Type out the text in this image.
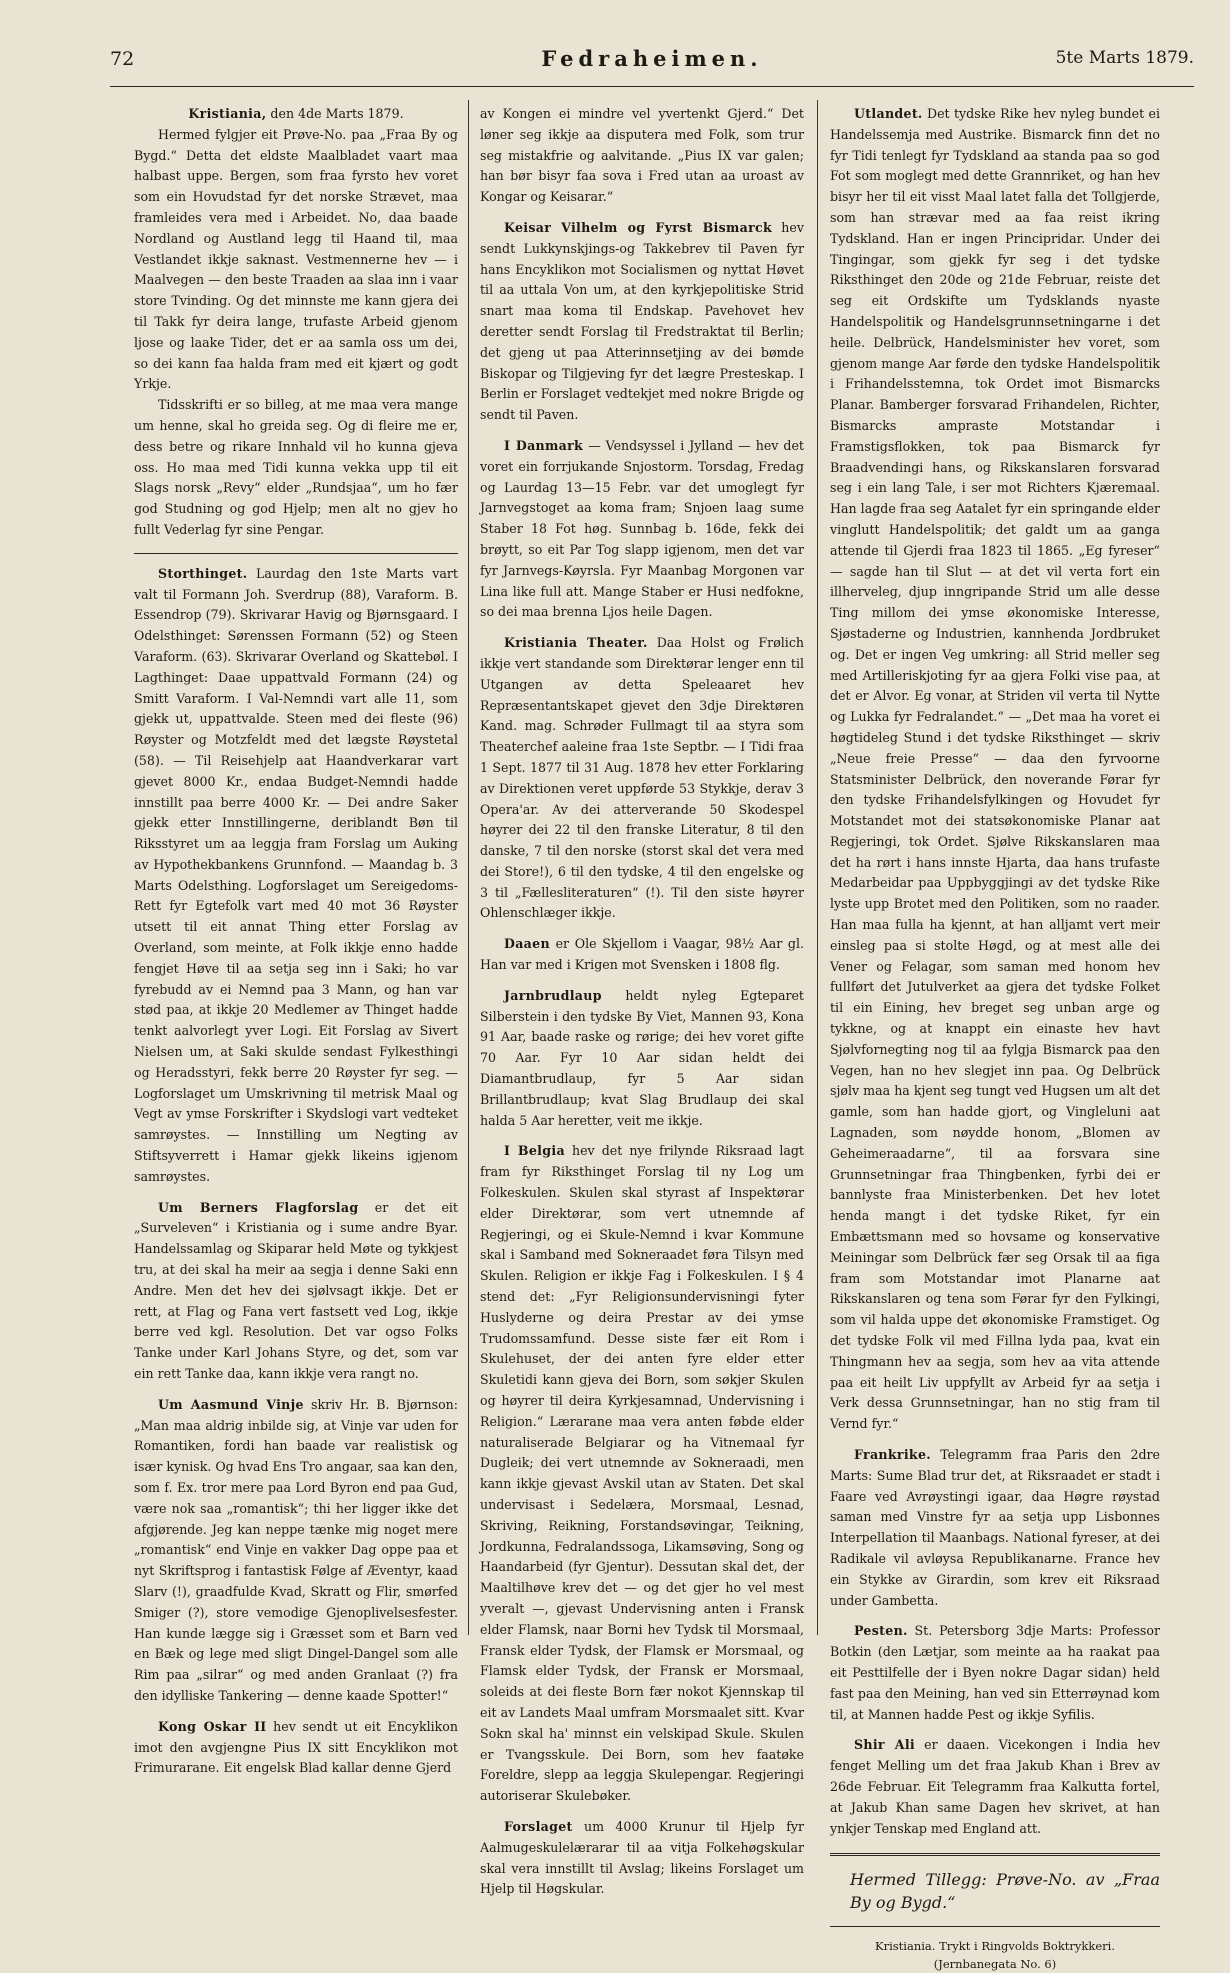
72	Fedraheimen.	5te Marts 1879.

Kristiania, den 4de Marts 1879.

Hermed fylgjer eit Prøve-No. paa „Fraa By og Bygd.“ Detta det eldste Maalbladet vaart maa halbast uppe. Bergen, som fraa fyrsto hev voret som ein Hovudstad fyr det norske Strævet, maa framleides vera med i Arbeidet. No, daa baade Nordland og Austland legg til Haand til, maa Vestlandet ikkje saknast. Vestmennerne hev — i Maalvegen — den beste Traaden aa slaa inn i vaar store Tvinding. Og det minnste me kann gjera dei til Takk fyr deira lange, trufaste Arbeid gjenom ljose og laake Tider, det er aa samla oss um dei, so dei kann faa halda fram med eit kjært og godt Yrkje.

Tidsskrifti er so billeg, at me maa vera mange um henne, skal ho greida seg. Og di fleire me er, dess betre og rikare Innhald vil ho kunna gjeva oss. Ho maa med Tidi kunna vekka upp til eit Slags norsk „Revy“ elder „Rundsjaa“, um ho fær god Studning og god Hjelp; men alt no gjev ho fullt Vederlag fyr sine Pengar.

Storthinget. Laurdag den 1ste Marts vart valt til Formann Joh. Sverdrup (88), Varaform. B. Essendrop (79). Skrivarar Havig og Bjørnsgaard. I Odelsthinget: Sørenssen Formann (52) og Steen Varaform. (63). Skrivarar Overland og Skattebøl. I Lagthinget: Daae uppattvald Formann (24) og Smitt Varaform. I Val-Nemndi vart alle 11, som gjekk ut, uppattvalde. Steen med dei fleste (96) Røyster og Motzfeldt med det lægste Røystetal (58). — Til Reisehjelp aat Haandverkarar vart gjevet 8000 Kr., endaa Budget-Nemndi hadde innstillt paa berre 4000 Kr. — Dei andre Saker gjekk etter Innstillingerne, deriblandt Bøn til Riksstyret um aa leggja fram Forslag um Auking av Hypothekbankens Grunnfond. — Maandag b. 3 Marts Odelsthing. Logforslaget um Sereigedoms-Rett fyr Egtefolk vart med 40 mot 36 Røyster utsett til eit annat Thing etter Forslag av Overland, som meinte, at Folk ikkje enno hadde fengjet Høve til aa setja seg inn i Saki; ho var fyrebudd av ei Nemnd paa 3 Mann, og han var stød paa, at ikkje 20 Medlemer av Thinget hadde tenkt aalvorlegt yver Logi. Eit Forslag av Sivert Nielsen um, at Saki skulde sendast Fylkesthingi og Heradsstyri, fekk berre 20 Røyster fyr seg. — Logforslaget um Umskrivning til metrisk Maal og Vegt av ymse Forskrifter i Skydslogi vart vedteket samrøystes. — Innstilling um Negting av Stiftsyverrett i Hamar gjekk likeins igjenom samrøystes.

Um Berners Flagforslag er det eit „Surveleven“ i Kristiania og i sume andre Byar. Handelssamlag og Skiparar held Møte og tykkjest tru, at dei skal ha meir aa segja i denne Saki enn Andre. Men det hev dei sjølvsagt ikkje. Det er rett, at Flag og Fana vert fastsett ved Log, ikkje berre ved kgl. Resolution. Det var ogso Folks Tanke under Karl Johans Styre, og det, som var ein rett Tanke daa, kann ikkje vera rangt no.

Um Aasmund Vinje skriv Hr. B. Bjørnson: „Man maa aldrig inbilde sig, at Vinje var uden for Romantiken, fordi han baade var realistisk og især kynisk. Og hvad Ens Tro angaar, saa kan den, som f. Ex. tror mere paa Lord Byron end paa Gud, være nok saa „romantisk“; thi her ligger ikke det afgjørende. Jeg kan neppe tænke mig noget mere „romantisk“ end Vinje en vakker Dag oppe paa et nyt Skriftsprog i fantastisk Følge af Æventyr, kaad Slarv (!), graadfulde Kvad, Skratt og Flir, smørfed Smiger (?), store vemodige Gjenoplivelsesfester. Han kunde lægge sig i Græsset som et Barn ved en Bæk og lege med sligt Dingel-Dangel som alle Rim paa „silrar“ og med anden Granlaat (?) fra den idylliske Tankering — denne kaade Spotter!“

Kong Oskar II hev sendt ut eit Encyklikon imot den avgjengne Pius IX sitt Encyklikon mot Frimurarane. Eit engelsk Blad kallar denne Gjerd

av Kongen ei mindre vel yvertenkt Gjerd.“ Det løner seg ikkje aa disputera med Folk, som trur seg mistakfrie og aalvitande. „Pius IX var galen; han bør bisyr faa sova i Fred utan aa uroast av Kongar og Keisarar.“

Keisar Vilhelm og Fyrst Bismarck hev sendt Lukkynskjings-og Takkebrev til Paven fyr hans Encyklikon mot Socialismen og nyttat Høvet til aa uttala Von um, at den kyrkjepolitiske Strid snart maa koma til Endskap. Pavehovet hev deretter sendt Forslag til Fredstraktat til Berlin; det gjeng ut paa Atterinnsetjing av dei bømde Biskopar og Tilgjeving fyr det lægre Presteskap. I Berlin er Forslaget vedtekjet med nokre Brigde og sendt til Paven.

I Danmark — Vendsyssel i Jylland — hev det voret ein forrjukande Snjostorm. Torsdag, Fredag og Laurdag 13—15 Febr. var det umoglegt fyr Jarnvegstoget aa koma fram; Snjoen laag sume Staber 18 Fot høg. Sunnbag b. 16de, fekk dei brøytt, so eit Par Tog slapp igjenom, men det var fyr Jarnvegs-Køyrsla. Fyr Maanbag Morgonen var Lina like full att. Mange Staber er Husi nedfokne, so dei maa brenna Ljos heile Dagen.

Kristiania Theater. Daa Holst og Frølich ikkje vert standande som Direktørar lenger enn til Utgangen av detta Speleaaret hev Repræsentantskapet gjevet den 3dje Direktøren Kand. mag. Schrøder Fullmagt til aa styra som Theaterchef aaleine fraa 1ste Septbr. — I Tidi fraa 1 Sept. 1877 til 31 Aug. 1878 hev etter Forklaring av Direktionen veret uppførde 53 Stykkje, derav 3 Opera'ar. Av dei atterverande 50 Skodespel høyrer dei 22 til den franske Literatur, 8 til den danske, 7 til den norske (storst skal det vera med dei Store!), 6 til den tydske, 4 til den engelske og 3 til „Fællesliteraturen“ (!). Til den siste høyrer Ohlenschlæger ikkje.

Daaen er Ole Skjellom i Vaagar, 98½ Aar gl. Han var med i Krigen mot Svensken i 1808 flg.

Jarnbrudlaup heldt nyleg Egteparet Silberstein i den tydske By Viet, Mannen 93, Kona 91 Aar, baade raske og rørige; dei hev voret gifte 70 Aar. Fyr 10 Aar sidan heldt dei Diamantbrudlaup, fyr 5 Aar sidan Brillantbrudlaup; kvat Slag Brudlaup dei skal halda 5 Aar heretter, veit me ikkje.

I Belgia hev det nye frilynde Riksraad lagt fram fyr Riksthinget Forslag til ny Log um Folkeskulen. Skulen skal styrast af Inspektørar elder Direktørar, som vert utnemnde af Regjeringi, og ei Skule-Nemnd i kvar Kommune skal i Samband med Sokneraadet føra Tilsyn med Skulen. Religion er ikkje Fag i Folkeskulen. I § 4 stend det: „Fyr Religionsundervisningi fyter Huslyderne og deira Prestar av dei ymse Trudomssamfund. Desse siste fær eit Rom i Skulehuset, der dei anten fyre elder etter Skuletidi kann gjeva dei Born, som søkjer Skulen og høyrer til deira Kyrkjesamnad, Undervisning i Religion.“ Lærarane maa vera anten føbde elder naturaliserade Belgiarar og ha Vitnemaal fyr Dugleik; dei vert utnemnde av Sokneraadi, men kann ikkje gjevast Avskil utan av Staten. Det skal undervisast i Sedelæra, Morsmaal, Lesnad, Skriving, Reikning, Forstandsøvingar, Teikning, Jordkunna, Fedralandssoga, Likamsøving, Song og Haandarbeid (fyr Gjentur). Dessutan skal det, der Maaltilhøve krev det — og det gjer ho vel mest yveralt —, gjevast Undervisning anten i Fransk elder Flamsk, naar Borni hev Tydsk til Morsmaal, Fransk elder Tydsk, der Flamsk er Morsmaal, og Flamsk elder Tydsk, der Fransk er Morsmaal, soleids at dei fleste Born fær nokot Kjennskap til eit av Landets Maal umfram Morsmaalet sitt. Kvar Sokn skal ha' minnst ein velskipad Skule. Skulen er Tvangsskule. Dei Born, som hev faatøke Foreldre, slepp aa leggja Skulepengar. Regjeringi autoriserar Skulebøker.

Forslaget um 4000 Krunur til Hjelp fyr Aalmugeskulelærarar til aa vitja Folkehøgskular skal vera innstillt til Avslag; likeins Forslaget um Hjelp til Høgskular.

Utlandet. Det tydske Rike hev nyleg bundet ei Handelssemja med Austrike. Bismarck finn det no fyr Tidi tenlegt fyr Tydskland aa standa paa so god Fot som moglegt med dette Grannriket, og han hev bisyr her til eit visst Maal latet falla det Tollgjerde, som han strævar med aa faa reist ikring Tydskland. Han er ingen Principridar. Under dei Tingingar, som gjekk fyr seg i det tydske Riksthinget den 20de og 21de Februar, reiste det seg eit Ordskifte um Tydsklands nyaste Handelspolitik og Handelsgrunnsetningarne i det heile. Delbrück, Handelsminister hev voret, som gjenom mange Aar førde den tydske Handelspolitik i Frihandelsstemna, tok Ordet imot Bismarcks Planar. Bamberger forsvarad Frihandelen, Richter, Bismarcks ampraste Motstandar i Framstigsflokken, tok paa Bismarck fyr Braadvendingi hans, og Rikskanslaren forsvarad seg i ein lang Tale, i ser mot Richters Kjæremaal. Han lagde fraa seg Aatalet fyr ein springande elder vinglutt Handelspolitik; det galdt um aa ganga attende til Gjerdi fraa 1823 til 1865. „Eg fyreser“ — sagde han til Slut — at det vil verta fort ein illherveleg, djup inngripande Strid um alle desse Ting millom dei ymse økonomiske Interesse, Sjøstaderne og Industrien, kannhenda Jordbruket og. Det er ingen Veg umkring: all Strid meller seg med Artilleriskjoting fyr aa gjera Folki vise paa, at det er Alvor. Eg vonar, at Striden vil verta til Nytte og Lukka fyr Fedralandet.“ — „Det maa ha voret ei høgtideleg Stund i det tydske Riksthinget — skriv „Neue freie Presse“ — daa den fyrvoorne Statsminister Delbrück, den noverande Førar fyr den tydske Frihandelsfylkingen og Hovudet fyr Motstandet mot dei statsøkonomiske Planar aat Regjeringi, tok Ordet. Sjølve Rikskanslaren maa det ha rørt i hans innste Hjarta, daa hans trufaste Medarbeidar paa Uppbyggjingi av det tydske Rike lyste upp Brotet med den Politiken, som no raader. Han maa fulla ha kjennt, at han alljamt vert meir einsleg paa si stolte Høgd, og at mest alle dei Vener og Felagar, som saman med honom hev fullført det Jutulverket aa gjera det tydske Folket til ein Eining, hev breget seg unban arge og tykkne, og at knappt ein einaste hev havt Sjølvfornegting nog til aa fylgja Bismarck paa den Vegen, han no hev slegjet inn paa. Og Delbrück sjølv maa ha kjent seg tungt ved Hugsen um alt det gamle, som han hadde gjort, og Vingleluni aat Lagnaden, som nøydde honom, „Blomen av Geheimeraadarne“, til aa forsvara sine Grunnsetningar fraa Thingbenken, fyrbi dei er bannlyste fraa Ministerbenken. Det hev lotet henda mangt i det tydske Riket, fyr ein Embættsmann med so hovsame og konservative Meiningar som Delbrück fær seg Orsak til aa figa fram som Motstandar imot Planarne aat Rikskanslaren og tena som Førar fyr den Fylkingi, som vil halda uppe det økonomiske Framstiget. Og det tydske Folk vil med Fillna lyda paa, kvat ein Thingmann hev aa segja, som hev aa vita attende paa eit heilt Liv uppfyllt av Arbeid fyr aa setja i Verk dessa Grunnsetningar, han no stig fram til Vernd fyr.“

Frankrike. Telegramm fraa Paris den 2dre Marts: Sume Blad trur det, at Riksraadet er stadt i Faare ved Avrøystingi igaar, daa Høgre røystad saman med Vinstre fyr aa setja upp Lisbonnes Interpellation til Maanbags. National fyreser, at dei Radikale vil avløysa Republikanarne. France hev ein Stykke av Girardin, som krev eit Riksraad under Gambetta.

Pesten. St. Petersborg 3dje Marts: Professor Botkin (den Lætjar, som meinte aa ha raakat paa eit Pesttilfelle der i Byen nokre Dagar sidan) held fast paa den Meining, han ved sin Etterrøynad kom til, at Mannen hadde Pest og ikkje Syfilis.

Shir Ali er daaen. Vicekongen i India hev fenget Melling um det fraa Jakub Khan i Brev av 26de Februar. Eit Telegramm fraa Kalkutta fortel, at Jakub Khan same Dagen hev skrivet, at han ynkjer Tenskap med England att.

Hermed Tillegg: Prøve-No. av „Fraa By og Bygd.“

Kristiania. Trykt i Ringvolds Boktrykkeri.

(Jernbanegata No. 6)
